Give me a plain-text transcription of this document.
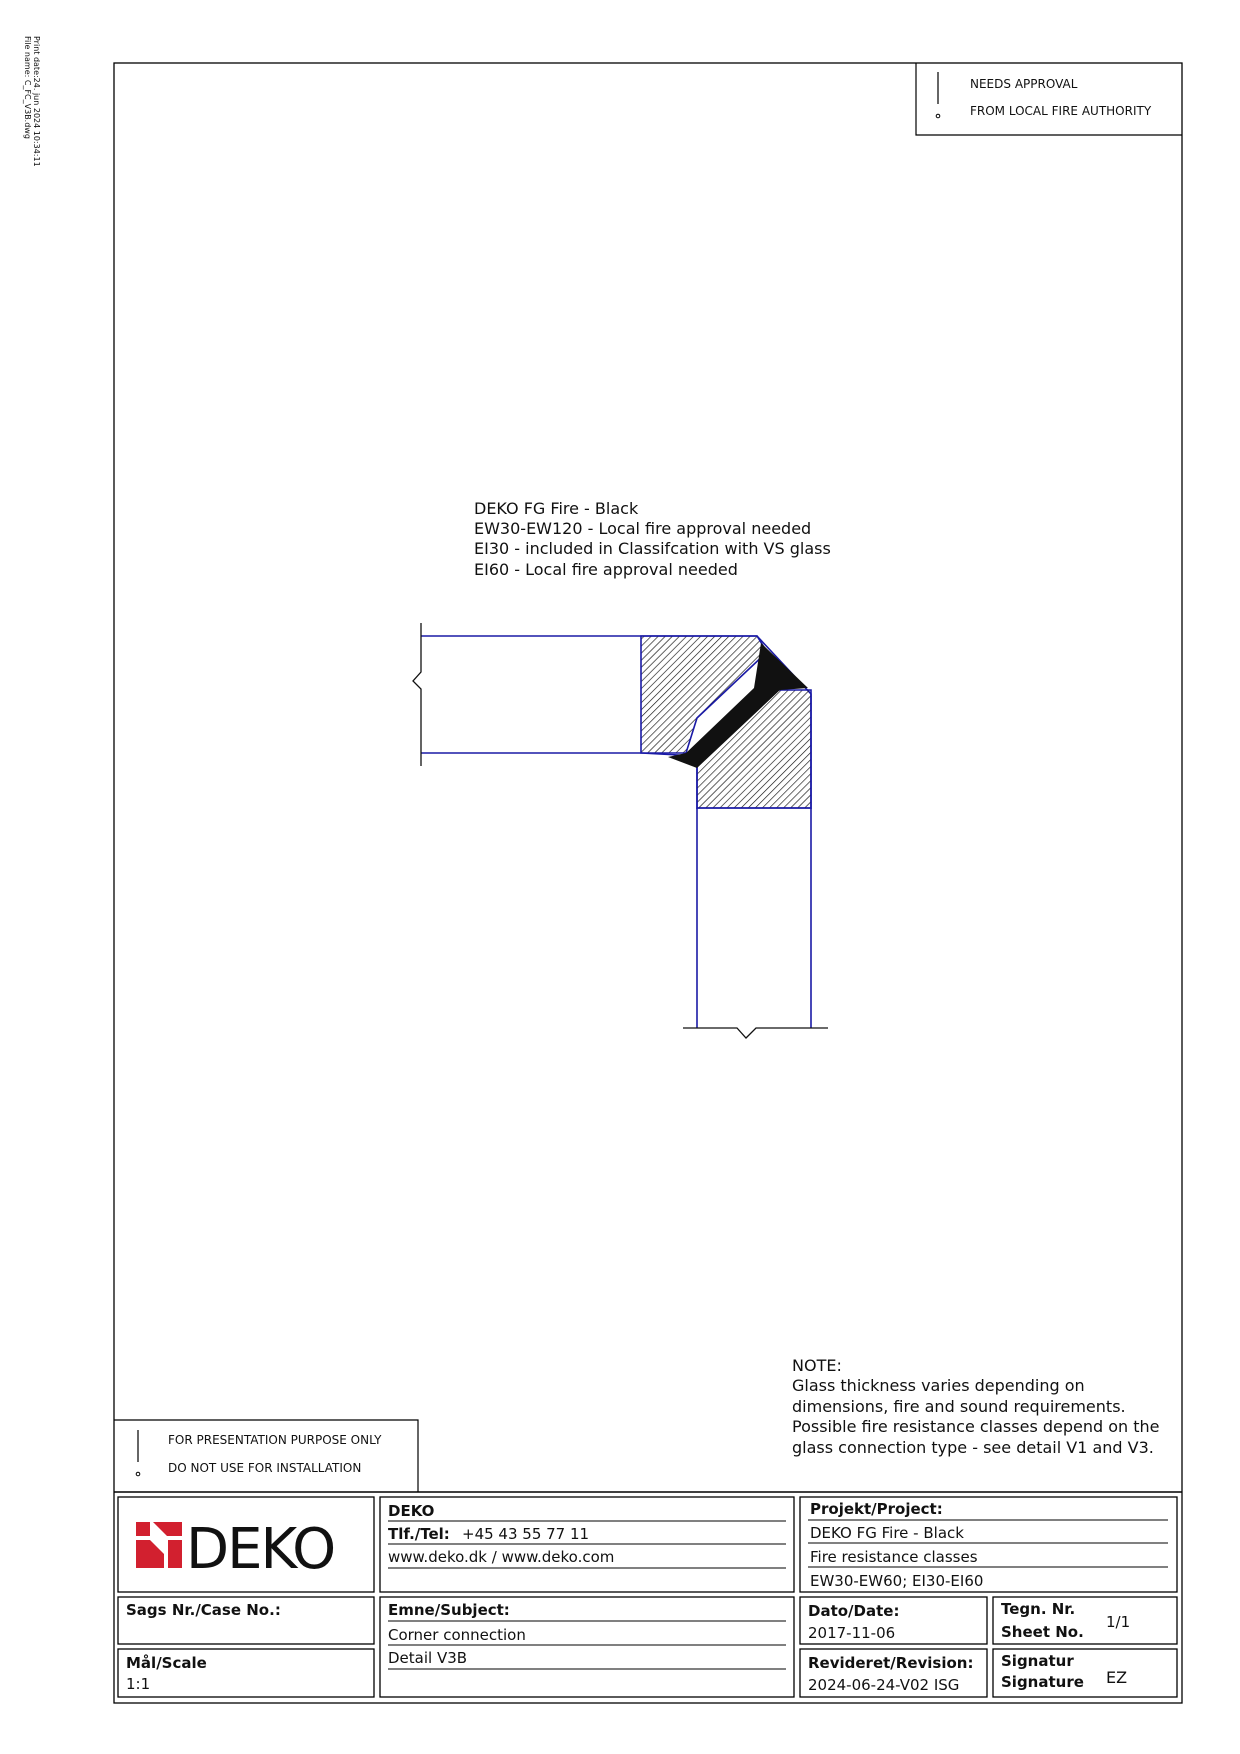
Print date:24. jun 2024 10:34:11
File name: C_FC_V3B.dwg	NEEDS APPROVAL
FROM LOCAL FIRE AUTHORITY
DEKO FG Fire - Black
EW30-EW120 - Local fire approval needed
EI30 - included in Classifcation with VS glass
EI60 - Local fire approval needed
NOTE:
Glass thickness varies depending on
dimensions, fire and sound requirements.
Possible fire resistance classes depend on the
glass connection type - see detail V1 and V3.
FOR PRESENTATION PURPOSE ONLY
DO NOT USE FOR INSTALLATION
DEKO
DEKO
Tlf./Tel: +45 43 55 77 11
www.deko.dk / www.deko.com
Projekt/Project:
DEKO FG Fire - Black
Fire resistance classes
EW30-EW60; EI30-EI60
Sags Nr./Case No.:
Mål/Scale
1:1
Emne/Subject:
Corner connection
Detail V3B
Dato/Date:
2017-11-06
Tegn. Nr.
Sheet No.
1/1
Revideret/Revision:
2024-06-24-V02 ISG
Signatur
Signature EZ
